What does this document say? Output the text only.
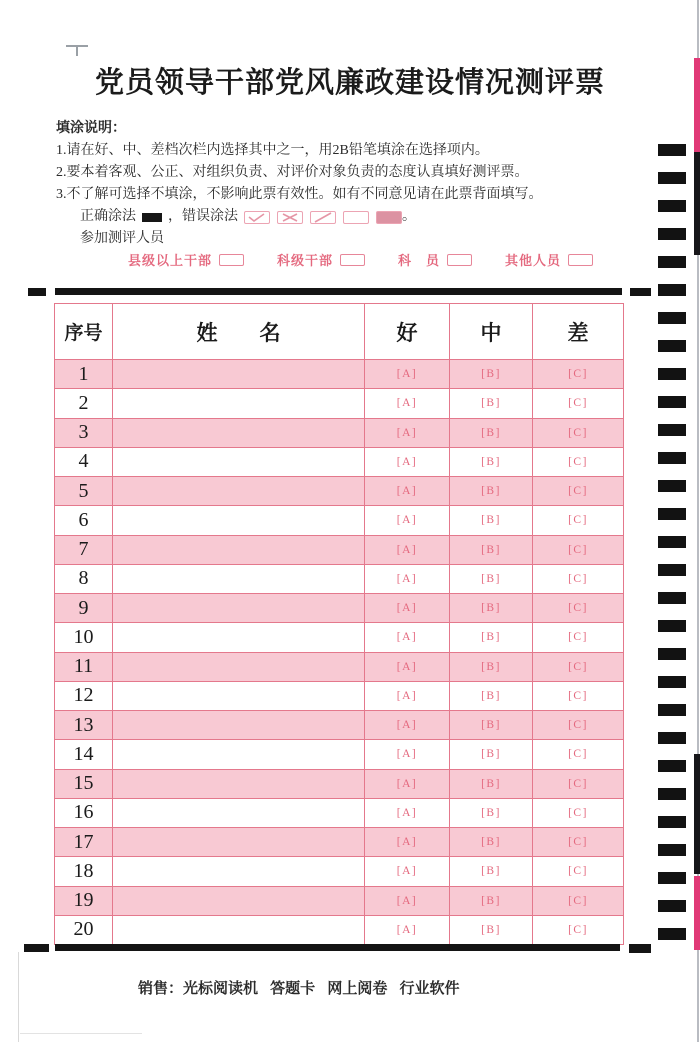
党员领导干部党风廉政建设情况测评票
填涂说明：
1.请在好、中、差档次栏内选择其中之一，用2B铅笔填涂在选择项内。
2.要本着客观、公正、对组织负责、对评价对象负责的态度认真填好测评票。
3.不了解可选择不填涂，不影响此票有效性。如有不同意见请在此票背面填写。
正确涂法 ，错误涂法	。
参加测评人员
县级以上干部	科级干部	科　员	其他人员
序号	姓　　名	好	中	差
1		[A]	[B]	[C]
2		[A]	[B]	[C]
3		[A]	[B]	[C]
4		[A]	[B]	[C]
5		[A]	[B]	[C]
6		[A]	[B]	[C]
7		[A]	[B]	[C]
8		[A]	[B]	[C]
9		[A]	[B]	[C]
10		[A]	[B]	[C]
11		[A]	[B]	[C]
12		[A]	[B]	[C]
13		[A]	[B]	[C]
14		[A]	[B]	[C]
15		[A]	[B]	[C]
16		[A]	[B]	[C]
17		[A]	[B]	[C]
18		[A]	[B]	[C]
19		[A]	[B]	[C]
20		[A]	[B]	[C]
销售：光标阅读机 答题卡 网上阅卷 行业软件
